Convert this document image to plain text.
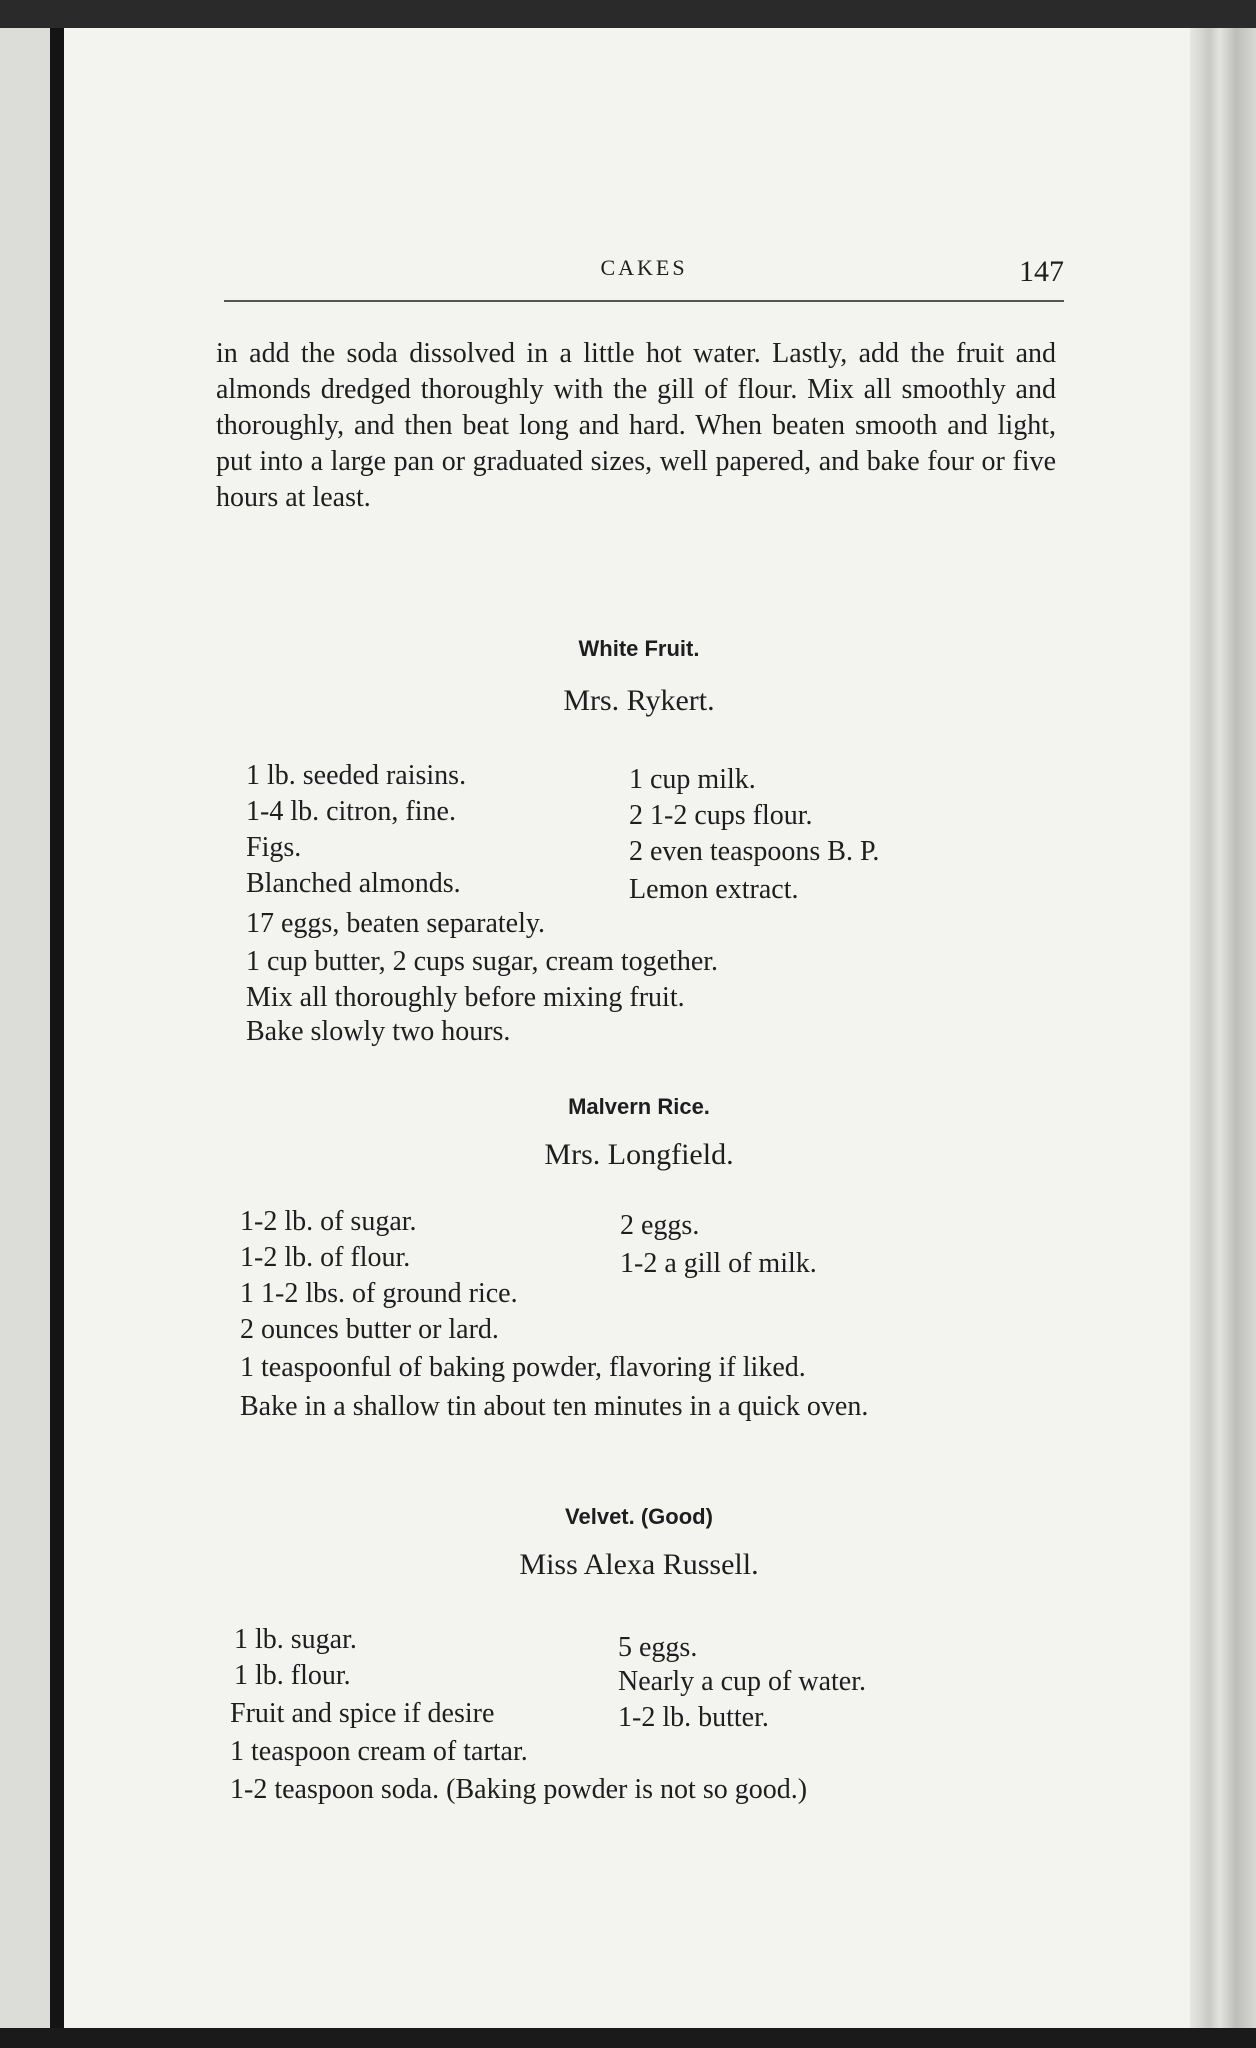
CAKES	147
in add the soda dissolved in a little hot water. Lastly, add the fruit and almonds dredged thoroughly with the gill of flour. Mix all smoothly and thoroughly, and then beat long and hard. When beaten smooth and light, put into a large pan or graduated sizes, well papered, and bake four or five hours at least.
White Fruit.
Mrs. Rykert.
1 lb. seeded raisins.	1 cup milk.
1-4 lb. citron, fine.	2 1-2 cups flour.
Figs.	2 even teaspoons B. P.
Blanched almonds.	Lemon extract.
17 eggs, beaten separately.
1 cup butter, 2 cups sugar, cream together.
Mix all thoroughly before mixing fruit.
Bake slowly two hours.
Malvern Rice.
Mrs. Longfield.
1-2 lb. of sugar.	2 eggs.
1-2 lb. of flour.	1-2 a gill of milk.
1 1-2 lbs. of ground rice.
2 ounces butter or lard.
1 teaspoonful of baking powder, flavoring if liked.
Bake in a shallow tin about ten minutes in a quick oven.
Velvet. (Good)
Miss Alexa Russell.
1 lb. sugar.	5 eggs.
1 lb. flour.	Nearly a cup of water.
Fruit and spice if desire	1-2 lb. butter.
1 teaspoon cream of tartar.
1-2 teaspoon soda. (Baking powder is not so good.)
